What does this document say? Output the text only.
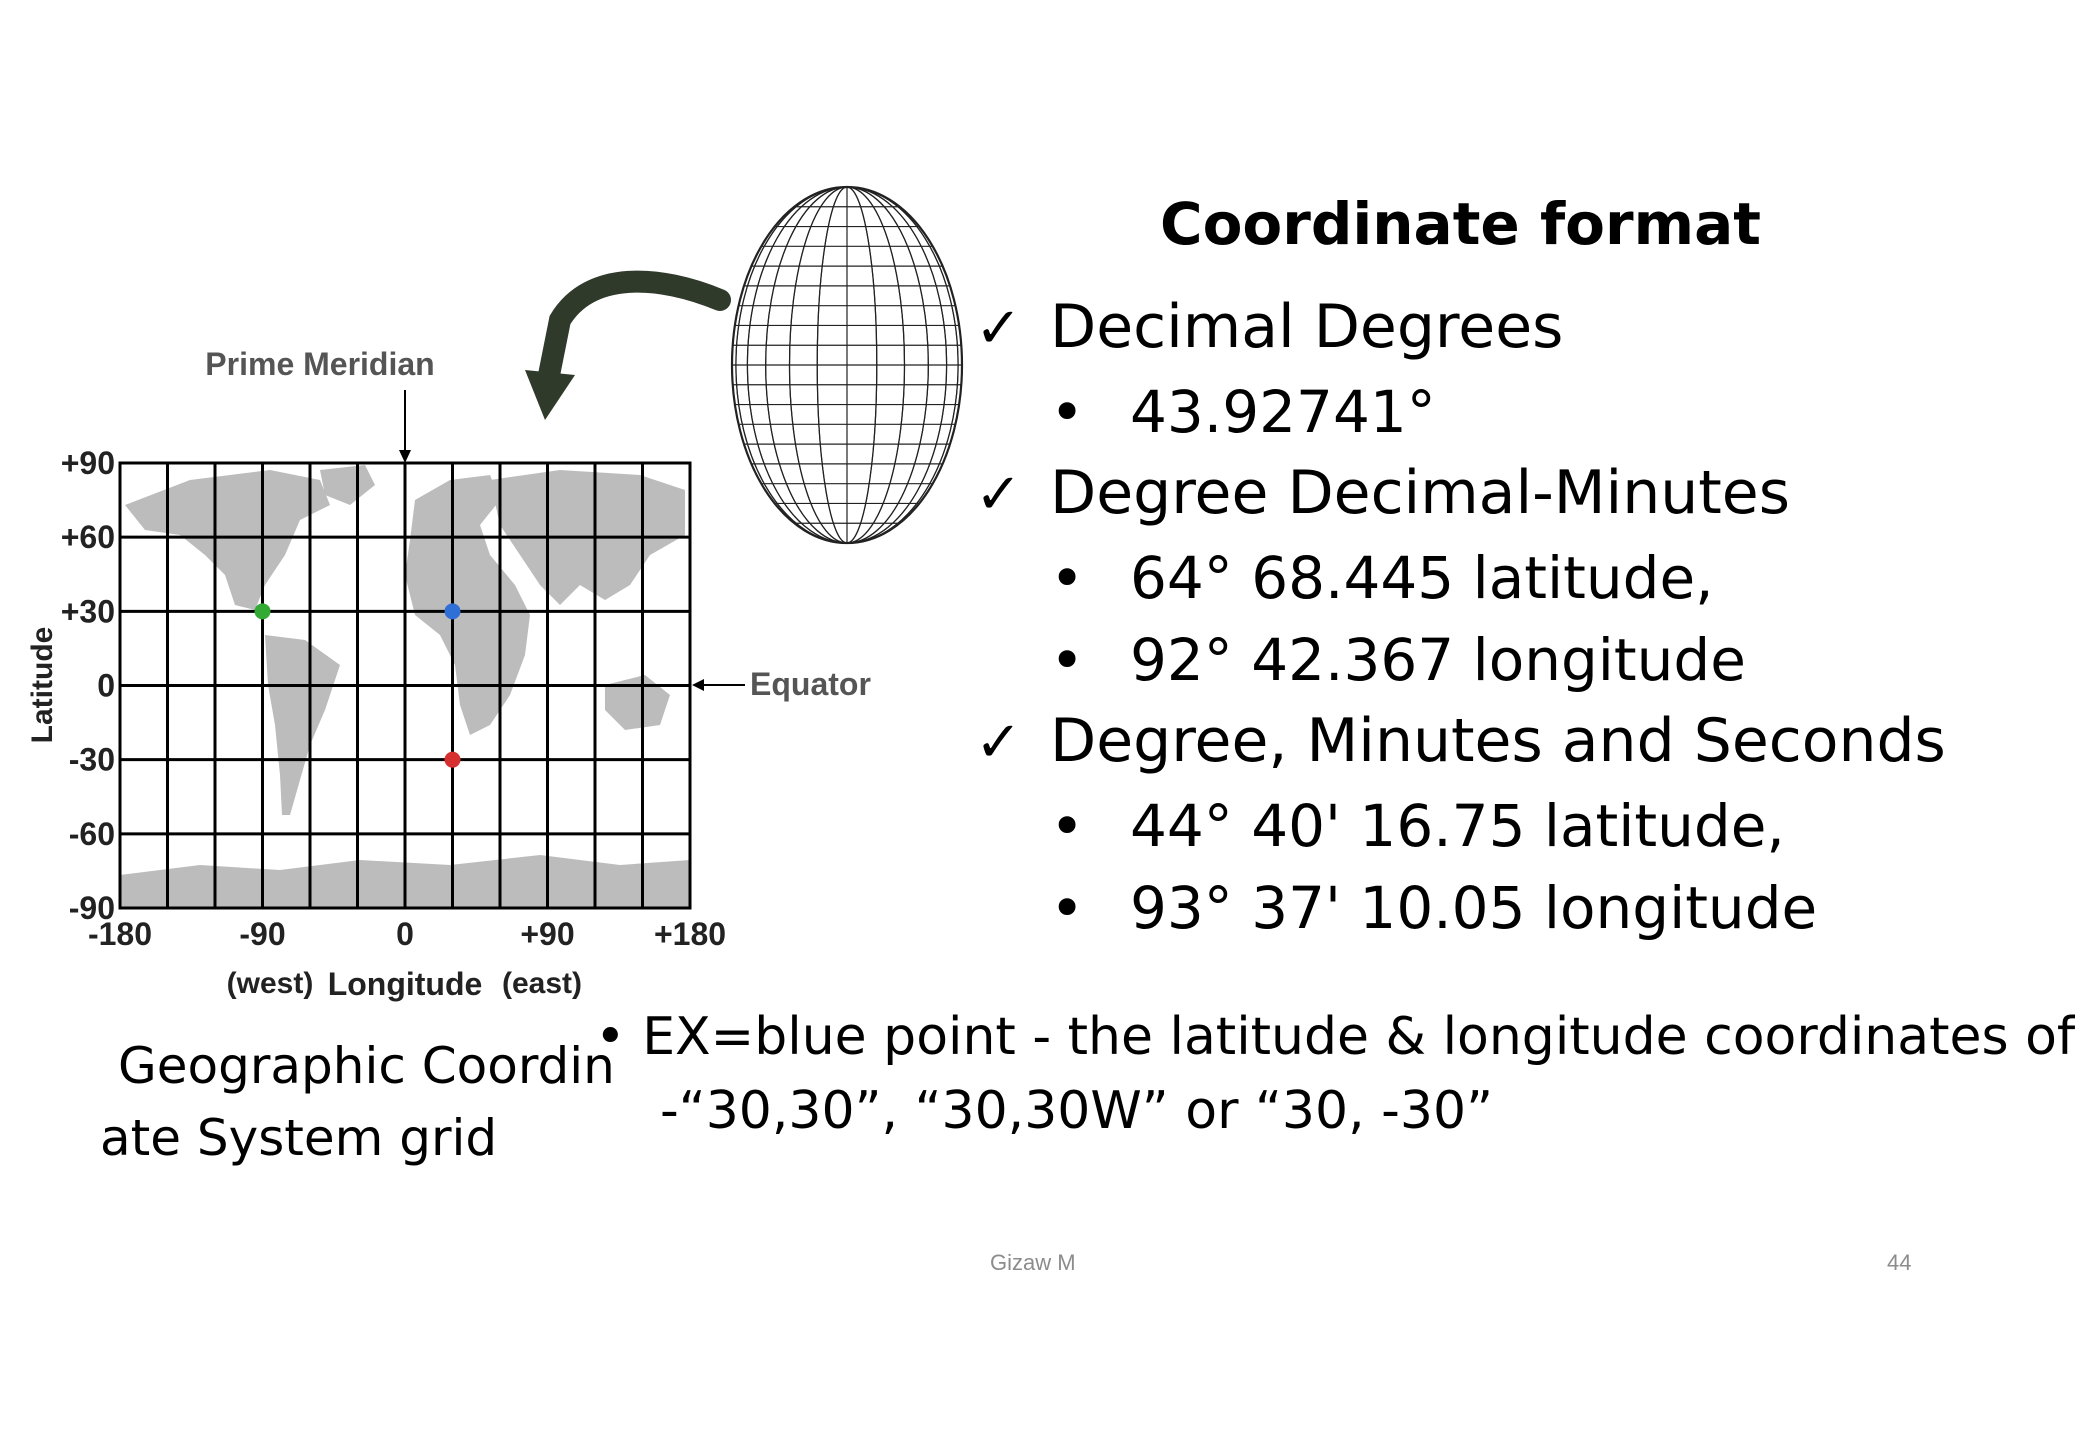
Prime Meridian
Equator
+90
+60
+30
0
-30
-60
-90
-180	-90	0	+90 +180
Latitude
(west) Longitude (east)
Coordinate format
✓ Decimal Degrees
• 43.92741°
✓ Degree Decimal-Minutes
• 64° 68.445 latitude,
• 92° 42.367 longitude
✓ Degree, Minutes and Seconds
• 44° 40' 16.75 latitude,
• 93° 37' 10.05 longitude
• EX=blue point - the latitude & longitude coordinates of
-“30,30”, “30,30W” or “30, -30”
Geographic Coordin
ate System grid
Gizaw M	44
